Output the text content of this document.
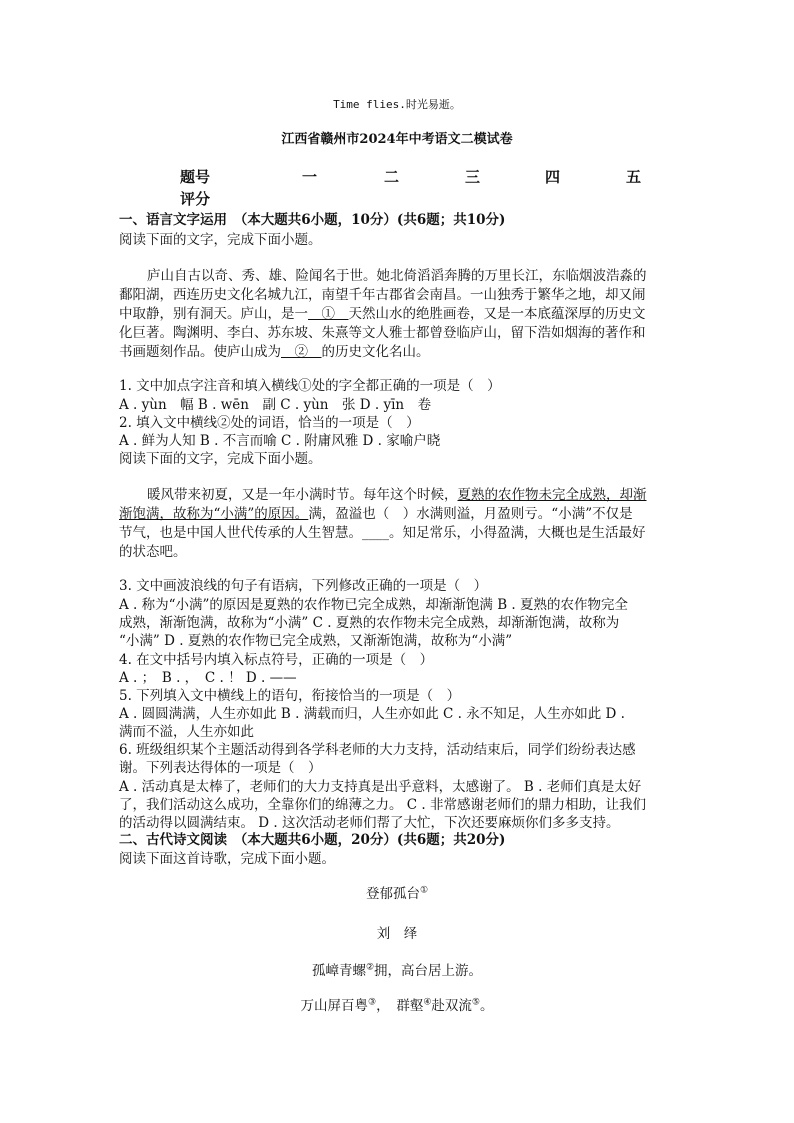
Time flies.时光易逝。
江西省赣州市2024年中考语文二模试卷
题号	一	二	三	四	五
评分
一、语言文字运用　（本大题共6小题，10分）(共6题；共10分)
阅读下面的文字，完成下面小题。
庐山自古以奇、秀、雄、险闻名于世。她北倚滔滔奔腾的万里长江，东临烟波浩淼的
鄱阳湖，西连历史文化名城九江，南望千年古郡省会南昌。一山独秀于繁华之地，却又闹
中取静，别有洞天。庐山，是一　①　天然山水的绝胜画卷，又是一本底蕴深厚的历史文
化巨著。陶渊明、李白、苏东坡、朱熹等文人雅士都曾登临庐山，留下浩如烟海的著作和
书画题刻作品。使庐山成为　②　的历史文化名山。
1. 文中加点字注音和填入横线①处的字全都正确的一项是（　）
A . yùn　幅 B . wēn　副 C . yùn　张 D . yīn　卷
2. 填入文中横线②处的词语，恰当的一项是（　）
A . 鲜为人知 B . 不言而喻 C . 附庸风雅 D . 家喻户晓
阅读下面的文字，完成下面小题。
暖风带来初夏，又是一年小满时节。每年这个时候，夏熟的农作物未完全成熟，却渐
渐饱满，故称为“小满”的原因。满，盈溢也（　）水满则溢，月盈则亏。“小满”不仅是
节气，也是中国人世代传承的人生智慧。____。知足常乐，小得盈满，大概也是生活最好
的状态吧。
3. 文中画波浪线的句子有语病，下列修改正确的一项是（　）
A . 称为“小满”的原因是夏熟的农作物已完全成熟，却渐渐饱满 B . 夏熟的农作物完全
成熟，渐渐饱满，故称为“小满” C . 夏熟的农作物未完全成熟，却渐渐饱满，故称为
“小满” D . 夏熟的农作物已完全成熟，又渐渐饱满，故称为“小满”
4. 在文中括号内填入标点符号，正确的一项是（　）
A . ；　B . ，　C . ！ D . ——
5. 下列填入文中横线上的语句，衔接恰当的一项是（　）
A . 圆圆满满，人生亦如此 B . 满载而归，人生亦如此 C . 永不知足，人生亦如此 D .
满而不溢，人生亦如此
6. 班级组织某个主题活动得到各学科老师的大力支持，活动结束后，同学们纷纷表达感
谢。下列表达得体的一项是（　）
A . 活动真是太棒了，老师们的大力支持真是出乎意料，太感谢了。 B . 老师们真是太好
了，我们活动这么成功，全靠你们的绵薄之力。 C . 非常感谢老师们的鼎力相助，让我们
的活动得以圆满结束。 D . 这次活动老师们帮了大忙，下次还要麻烦你们多多支持。
二、古代诗文阅读　（本大题共6小题，20分）(共6题；共20分)
阅读下面这首诗歌，完成下面小题。
登郁孤台①
刘　绎
孤嶂青螺②拥，高台居上游。
万山屏百粤③，　群壑④赴双流⑤。
